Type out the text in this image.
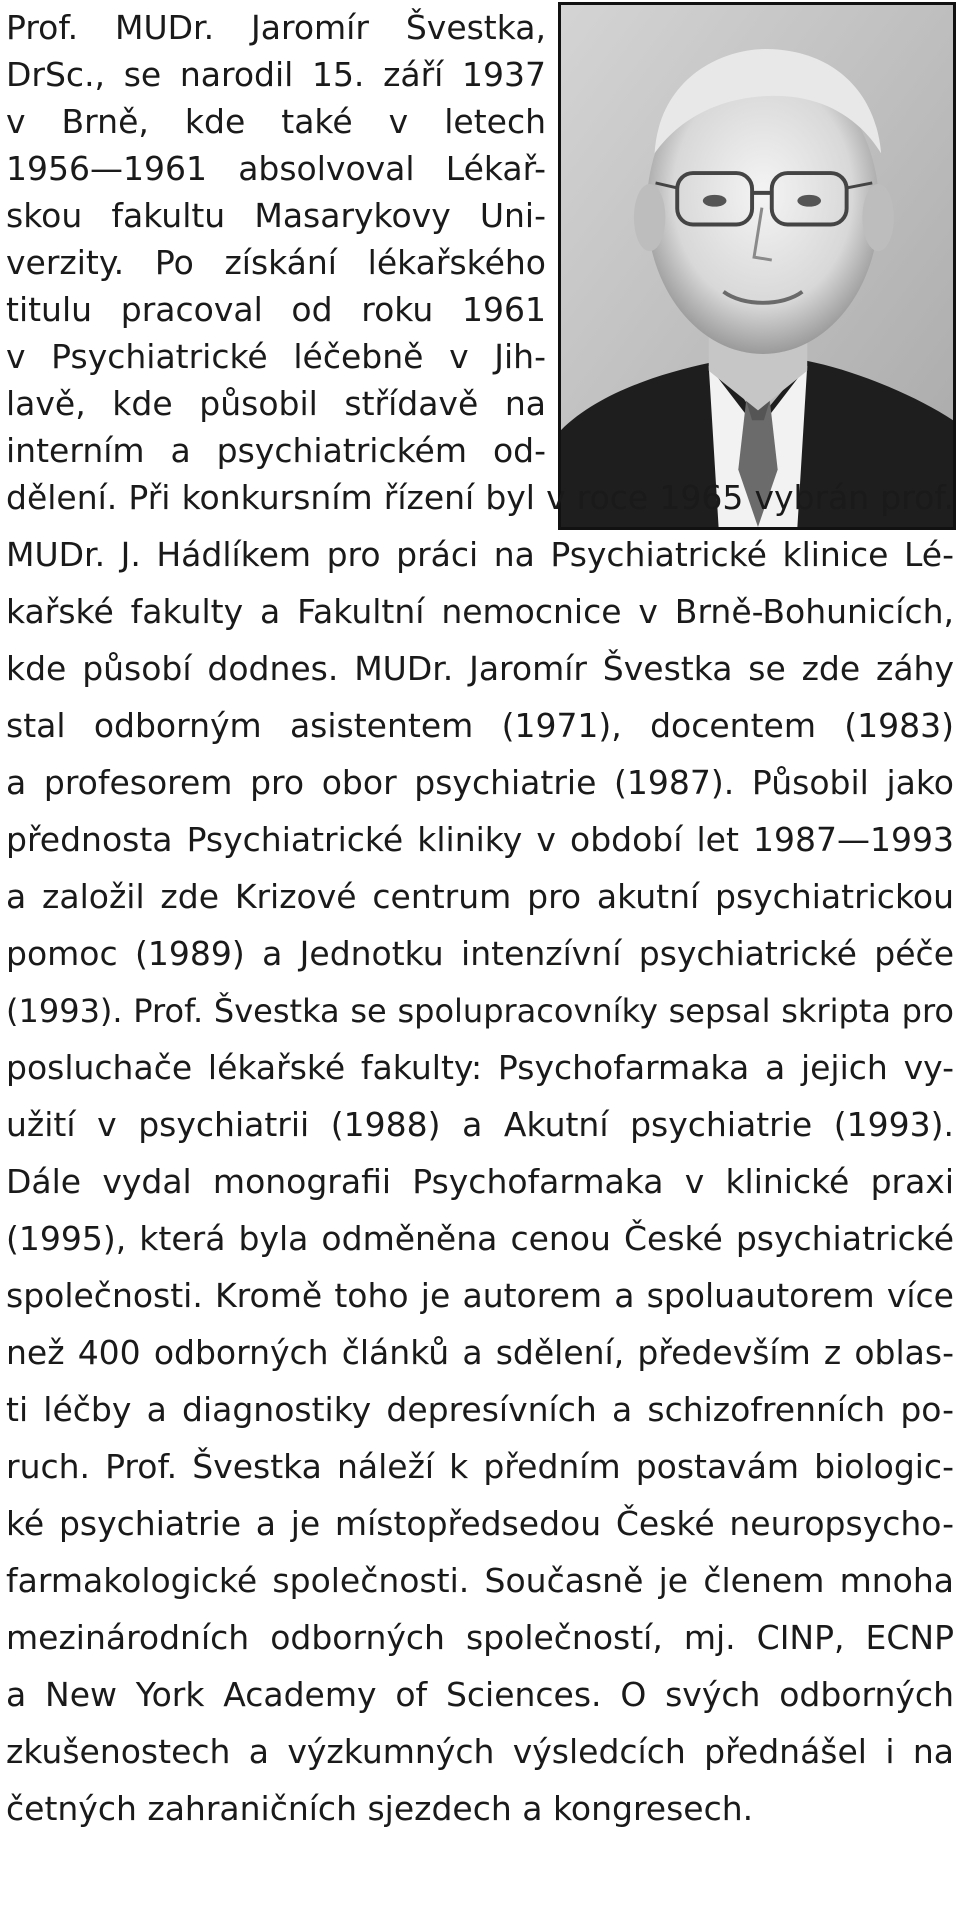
Prof. MUDr. Jaromír Švestka,
DrSc., se narodil 15. září 1937
v Brně, kde také v letech
1956—1961 absolvoval Lékař-
skou fakultu Masarykovy Uni-
verzity. Po získání lékařského
titulu pracoval od roku 1961
v Psychiatrické léčebně v Jih-
lavě, kde působil střídavě na
interním a psychiatrickém od-
dělení. Při konkursním řízení byl v roce 1965 vybrán prof.
MUDr. J. Hádlíkem pro práci na Psychiatrické klinice Lé-
kařské fakulty a Fakultní nemocnice v Brně-Bohunicích,
kde působí dodnes. MUDr. Jaromír Švestka se zde záhy
stal odborným asistentem (1971), docentem (1983)
a profesorem pro obor psychiatrie (1987). Působil jako
přednosta Psychiatrické kliniky v období let 1987—1993
a založil zde Krizové centrum pro akutní psychiatrickou
pomoc (1989) a Jednotku intenzívní psychiatrické péče
(1993). Prof. Švestka se spolupracovníky sepsal skripta pro
posluchače lékařské fakulty: Psychofarmaka a jejich vy-
užití v psychiatrii (1988) a Akutní psychiatrie (1993).
Dále vydal monografii Psychofarmaka v klinické praxi
(1995), která byla odměněna cenou České psychiatrické
společnosti. Kromě toho je autorem a spoluautorem více
než 400 odborných článků a sdělení, především z oblas-
ti léčby a diagnostiky depresívních a schizofrenních po-
ruch. Prof. Švestka náleží k předním postavám biologic-
ké psychiatrie a je místopředsedou České neuropsycho-
farmakologické společnosti. Současně je členem mnoha
mezinárodních odborných společností, mj. CINP, ECNP
a New York Academy of Sciences. O svých odborných
zkušenostech a výzkumných výsledcích přednášel i na
četných zahraničních sjezdech a kongresech.
